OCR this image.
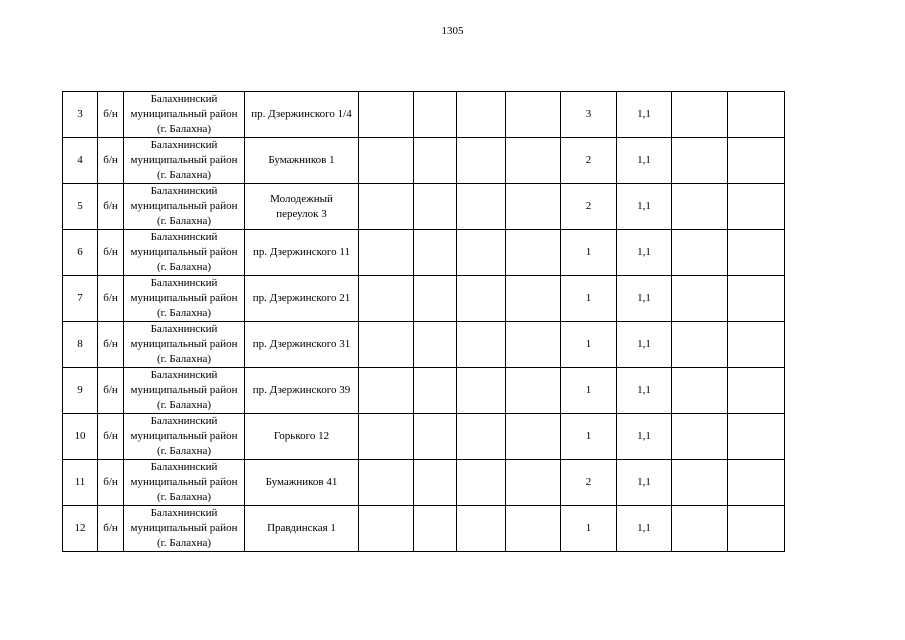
1305
3	б/н	Балахнинский
муниципальный район
(г. Балахна)	пр. Дзержинского 1/4					3	1,1		
4	б/н	Балахнинский
муниципальный район
(г. Балахна)	Бумажников 1					2	1,1		
5	б/н	Балахнинский
муниципальный район
(г. Балахна)	Молодежный переулок 3					2	1,1		
6	б/н	Балахнинский
муниципальный район
(г. Балахна)	пр. Дзержинского 11					1	1,1		
7	б/н	Балахнинский
муниципальный район
(г. Балахна)	пр. Дзержинского 21					1	1,1		
8	б/н	Балахнинский
муниципальный район
(г. Балахна)	пр. Дзержинского 31					1	1,1		
9	б/н	Балахнинский
муниципальный район
(г. Балахна)	пр. Дзержинского 39					1	1,1		
10	б/н	Балахнинский
муниципальный район
(г. Балахна)	Горького 12					1	1,1		
11	б/н	Балахнинский
муниципальный район
(г. Балахна)	Бумажников 41					2	1,1		
12	б/н	Балахнинский
муниципальный район
(г. Балахна)	Правдинская 1					1	1,1		
